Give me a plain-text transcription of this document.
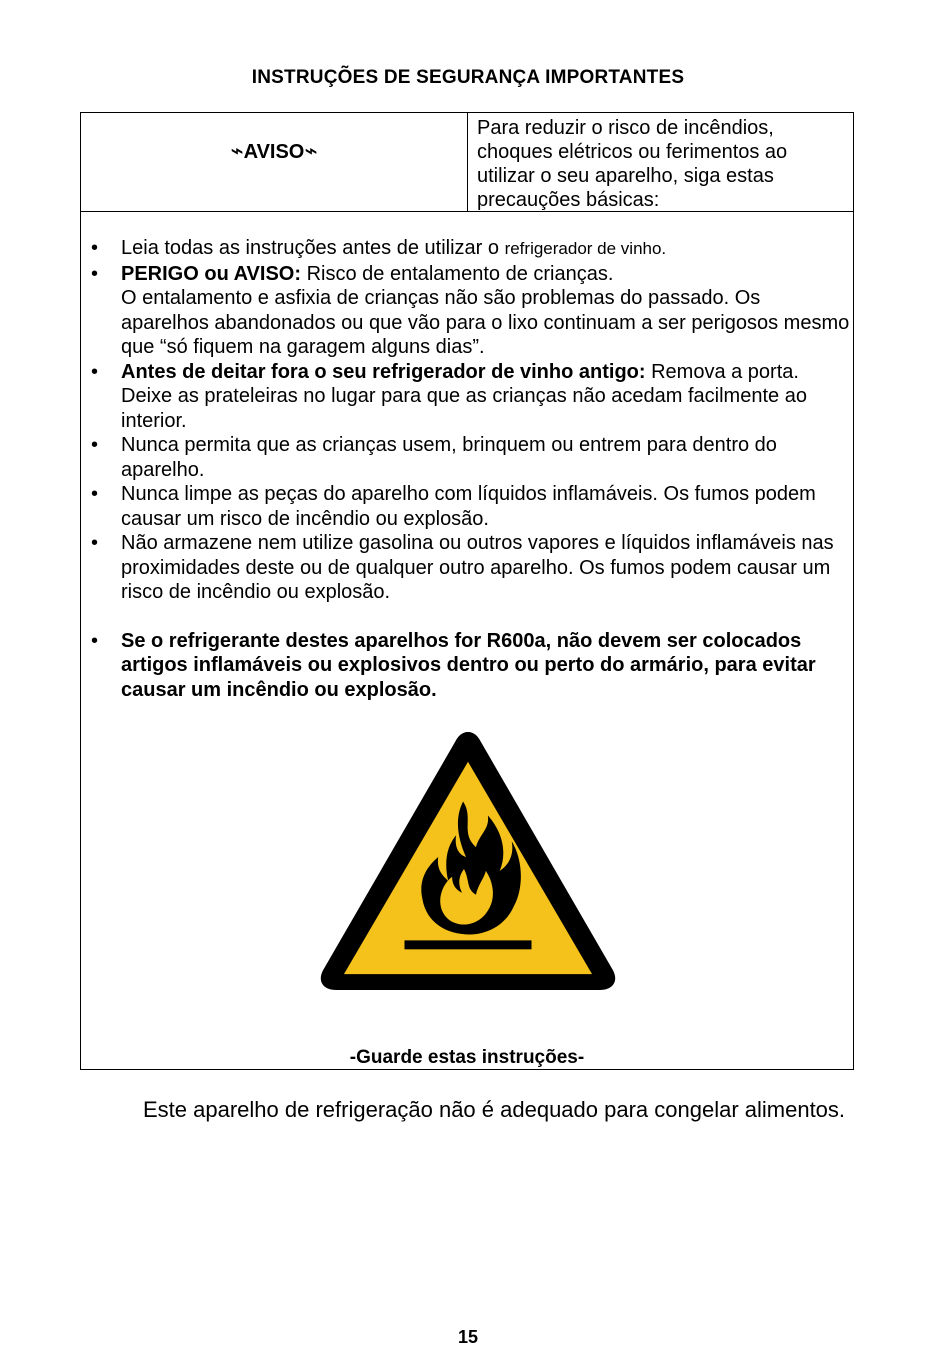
INSTRUÇÕES DE SEGURANÇA IMPORTANTES
⌁AVISO⌁
Para reduzir o risco de incêndios, choques elétricos ou ferimentos ao utilizar o seu aparelho, siga estas precauções básicas:
• Leia todas as instruções antes de utilizar o refrigerador de vinho.
• PERIGO ou AVISO: Risco de entalamento de crianças.
O entalamento e asfixia de crianças não são problemas do passado. Os aparelhos abandonados ou que vão para o lixo continuam a ser perigosos mesmo que “só fiquem na garagem alguns dias”.
• Antes de deitar fora o seu refrigerador de vinho antigo: Remova a porta. Deixe as prateleiras no lugar para que as crianças não acedam facilmente ao interior.
• Nunca permita que as crianças usem, brinquem ou entrem para dentro do aparelho.
• Nunca limpe as peças do aparelho com líquidos inflamáveis. Os fumos podem causar um risco de incêndio ou explosão.
• Não armazene nem utilize gasolina ou outros vapores e líquidos inflamáveis nas proximidades deste ou de qualquer outro aparelho. Os fumos podem causar um risco de incêndio ou explosão.
• Se o refrigerante destes aparelhos for R600a, não devem ser colocados artigos inflamáveis ou explosivos dentro ou perto do armário, para evitar causar um incêndio ou explosão.
-Guarde estas instruções-
Este aparelho de refrigeração não é adequado para congelar alimentos.
15
